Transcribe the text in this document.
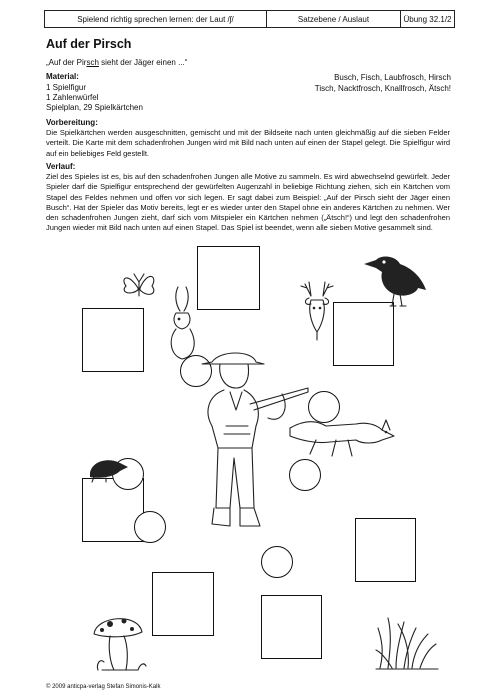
Spielend richtig sprechen lernen: der Laut /ʃ/	Satzebene / Auslaut	Übung 32.1/2
Auf der Pirsch
„Auf der Pirsch sieht der Jäger einen ...“
Material:
1 Spielfigur
1 Zahlenwürfel
Spielplan, 29 Spielkärtchen
Busch, Fisch, Laubfrosch, Hirsch
Tisch, Nacktfrosch, Knallfrosch, Ätsch!
Vorbereitung:
Die Spielkärtchen werden ausgeschnitten, gemischt und mit der Bildseite nach unten gleichmäßig auf die sieben Felder verteilt. Die Karte mit dem schadenfrohen Jungen wird mit Bild nach unten auf einen der Stapel gelegt. Die Spielfigur wird auf ein beliebiges Feld gestellt.
Verlauf:
Ziel des Spieles ist es, bis auf den schadenfrohen Jungen alle Motive zu sammeln. Es wird abwechselnd gewürfelt. Jeder Spieler darf die Spielfigur entsprechend der gewürfelten Augenzahl in beliebige Richtung ziehen, sich ein Kärtchen vom Stapel des Feldes nehmen und offen vor sich legen. Er sagt dabei zum Beispiel: „Auf der Pirsch sieht der Jäger einen Busch“. Hat der Spieler das Motiv bereits, legt er es wieder unter den Stapel ohne ein anderes Kärtchen zu nehmen. Wer den schadenfrohen Jungen zieht, darf sich vom Mitspieler ein Kärtchen nehmen („Ätsch!“) und legt den schadenfrohen Jungen wieder mit Bild nach unten auf einen Stapel. Das Spiel ist beendet, wenn alle sieben Motive gesammelt sind.
© 2009 anticpa-verlag Stefan Simonis-Kalk
